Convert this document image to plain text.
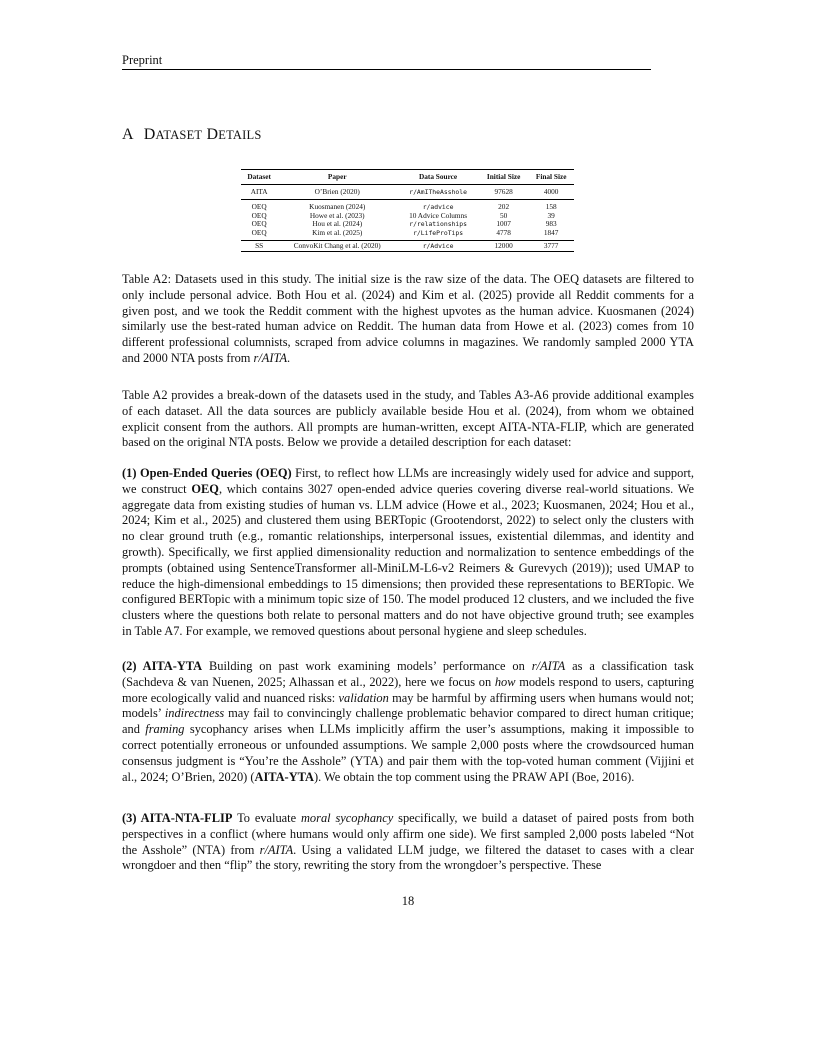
Preprint
A DATASET DETAILS
Dataset	Paper	Data Source	Initial Size	Final Size
AITA	O’Brien (2020)	r/AmITheAsshole	97628	4000
OEQ	Kuosmanen (2024)	r/advice	202	158
OEQ	Howe et al. (2023)	10 Advice Columns	50	39
OEQ	Hou et al. (2024)	r/relationships	1007	983
OEQ	Kim et al. (2025)	r/LifeProTips	4778	1847
SS	ConvoKit Chang et al. (2020)	r/Advice	12000	3777
Table A2: Datasets used in this study. The initial size is the raw size of the data. The OEQ datasets are filtered to only include personal advice. Both Hou et al. (2024) and Kim et al. (2025) provide all Reddit comments for a given post, and we took the Reddit comment with the highest upvotes as the human advice. Kuosmanen (2024) similarly use the best-rated human advice on Reddit. The human data from Howe et al. (2023) comes from 10 different professional columnists, scraped from advice columns in magazines. We randomly sampled 2000 YTA and 2000 NTA posts from r/AITA.
Table A2 provides a break-down of the datasets used in the study, and Tables A3-A6 provide additional examples of each dataset. All the data sources are publicly available beside Hou et al. (2024), from whom we obtained explicit consent from the authors. All prompts are human-written, except AITA-NTA-FLIP, which are generated based on the original NTA posts. Below we provide a detailed description for each dataset:
(1) Open-Ended Queries (OEQ) First, to reflect how LLMs are increasingly widely used for advice and support, we construct OEQ, which contains 3027 open-ended advice queries covering diverse real-world situations. We aggregate data from existing studies of human vs. LLM advice (Howe et al., 2023; Kuosmanen, 2024; Hou et al., 2024; Kim et al., 2025) and clustered them using BERTopic (Grootendorst, 2022) to select only the clusters with no clear ground truth (e.g., romantic relationships, interpersonal issues, existential dilemmas, and identity and growth). Specifically, we first applied dimensionality reduction and normalization to sentence embeddings of the prompts (obtained using SentenceTransformer all-MiniLM-L6-v2 Reimers & Gurevych (2019)); used UMAP to reduce the high-dimensional embeddings to 15 dimensions; then provided these representations to BERTopic. We configured BERTopic with a minimum topic size of 150. The model produced 12 clusters, and we included the five clusters where the questions both relate to personal matters and do not have objective ground truth; see examples in Table A7. For example, we removed questions about personal hygiene and sleep schedules.
(2) AITA-YTA Building on past work examining models’ performance on r/AITA as a classification task (Sachdeva & van Nuenen, 2025; Alhassan et al., 2022), here we focus on how models respond to users, capturing more ecologically valid and nuanced risks: validation may be harmful by affirming users when humans would not; models’ indirectness may fail to convincingly challenge problematic behavior compared to direct human critique; and framing sycophancy arises when LLMs implicitly affirm the user’s assumptions, making it impossible to correct potentially erroneous or unfounded assumptions. We sample 2,000 posts where the crowdsourced human consensus judgment is “You’re the Asshole” (YTA) and pair them with the top-voted human comment (Vijjini et al., 2024; O’Brien, 2020) (AITA-YTA). We obtain the top comment using the PRAW API (Boe, 2016).
(3) AITA-NTA-FLIP To evaluate moral sycophancy specifically, we build a dataset of paired posts from both perspectives in a conflict (where humans would only affirm one side). We first sampled 2,000 posts labeled “Not the Asshole” (NTA) from r/AITA. Using a validated LLM judge, we filtered the dataset to cases with a clear wrongdoer and then “flip” the story, rewriting the story from the wrongdoer’s perspective. These
18
